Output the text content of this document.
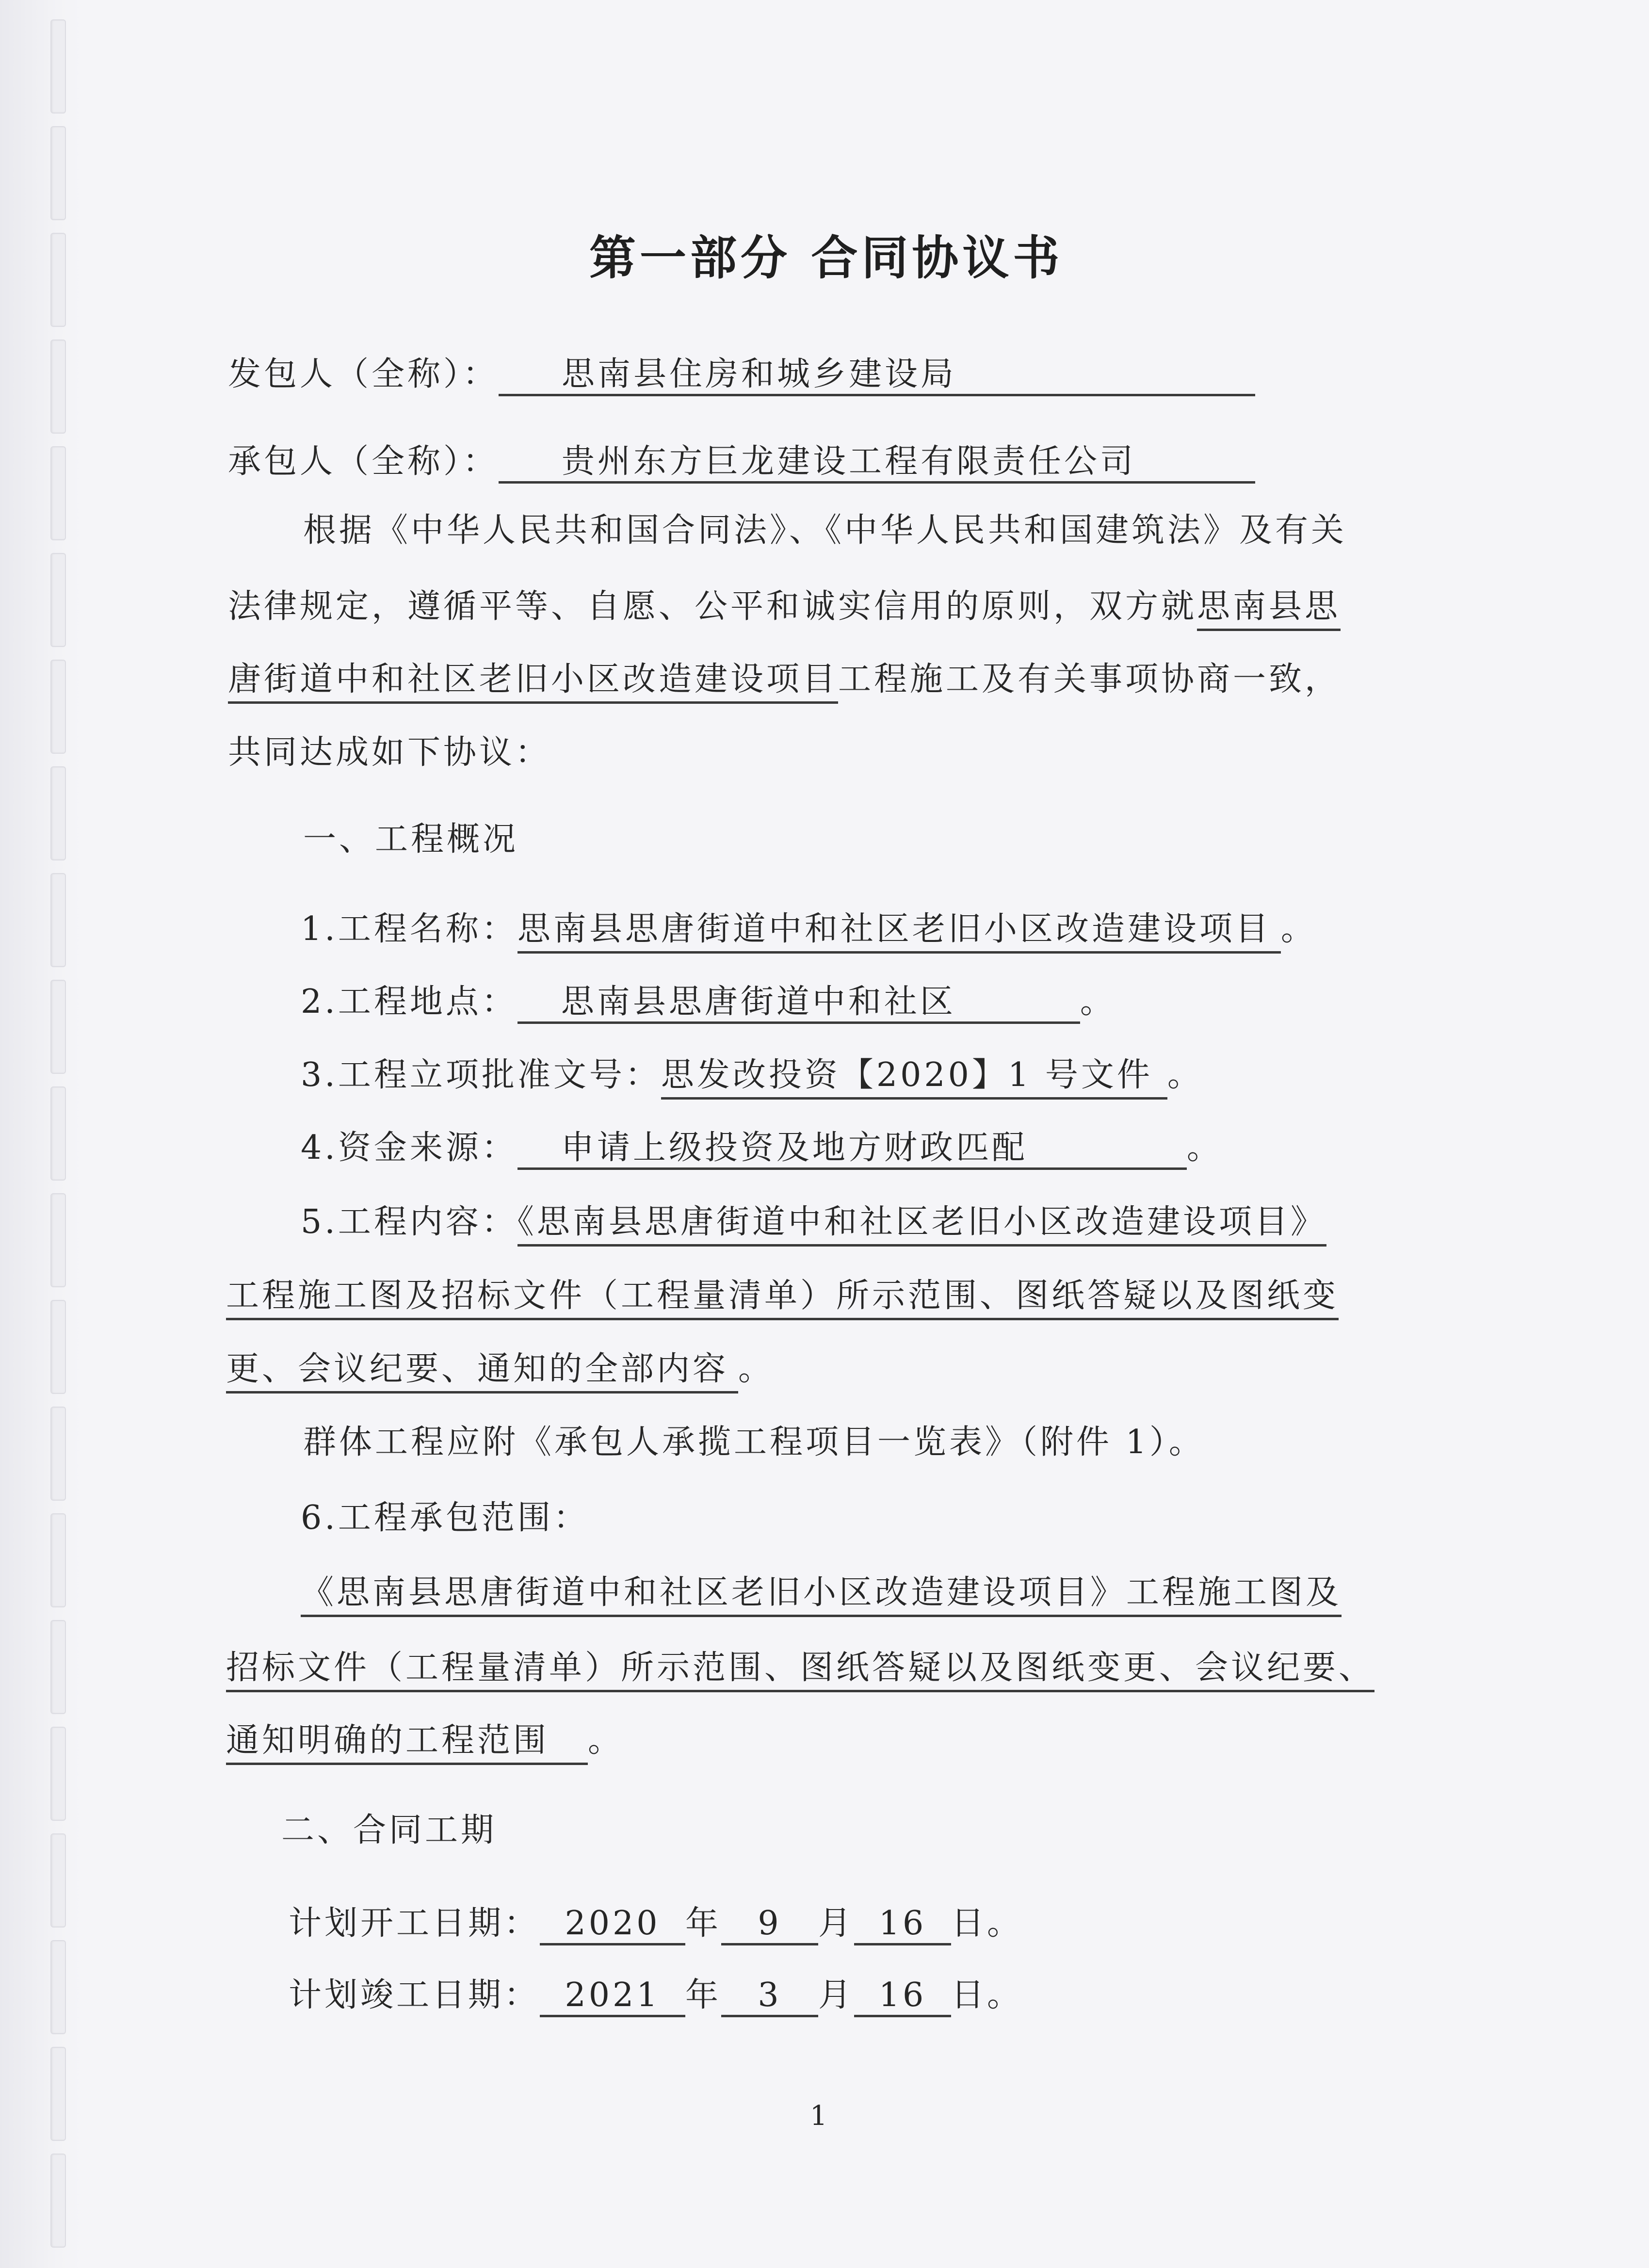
第一部分 合同协议书
发包人（全称）： 思南县住房和城乡建设局
承包人（全称）： 贵州东方巨龙建设工程有限责任公司
根据《中华人民共和国合同法》、《中华人民共和国建筑法》及有关
法律规定，遵循平等、自愿、公平和诚实信用的原则，双方就思南县思
唐街道中和社区老旧小区改造建设项目工程施工及有关事项协商一致，
共同达成如下协议：
一、工程概况
1.工程名称：思南县思唐街道中和社区老旧小区改造建设项目 。
2.工程地点： 思南县思唐街道中和社区	。
3.工程立项批准文号：思发改投资【2020】1 号文件 。
4.资金来源： 申请上级投资及地方财政匹配	。
5.工程内容：《思南县思唐街道中和社区老旧小区改造建设项目》
工程施工图及招标文件（工程量清单）所示范围、图纸答疑以及图纸变
更、会议纪要、通知的全部内容 。
群体工程应附《承包人承揽工程项目一览表》（附件 1）。
6.工程承包范围：
《思南县思唐街道中和社区老旧小区改造建设项目》工程施工图及
招标文件（工程量清单）所示范围、图纸答疑以及图纸变更、会议纪要、
通知明确的工程范围 。
二、合同工期
计划开工日期： 2020 年 9 月 16 日。
计划竣工日期： 2021 年 3 月 16 日。
1
